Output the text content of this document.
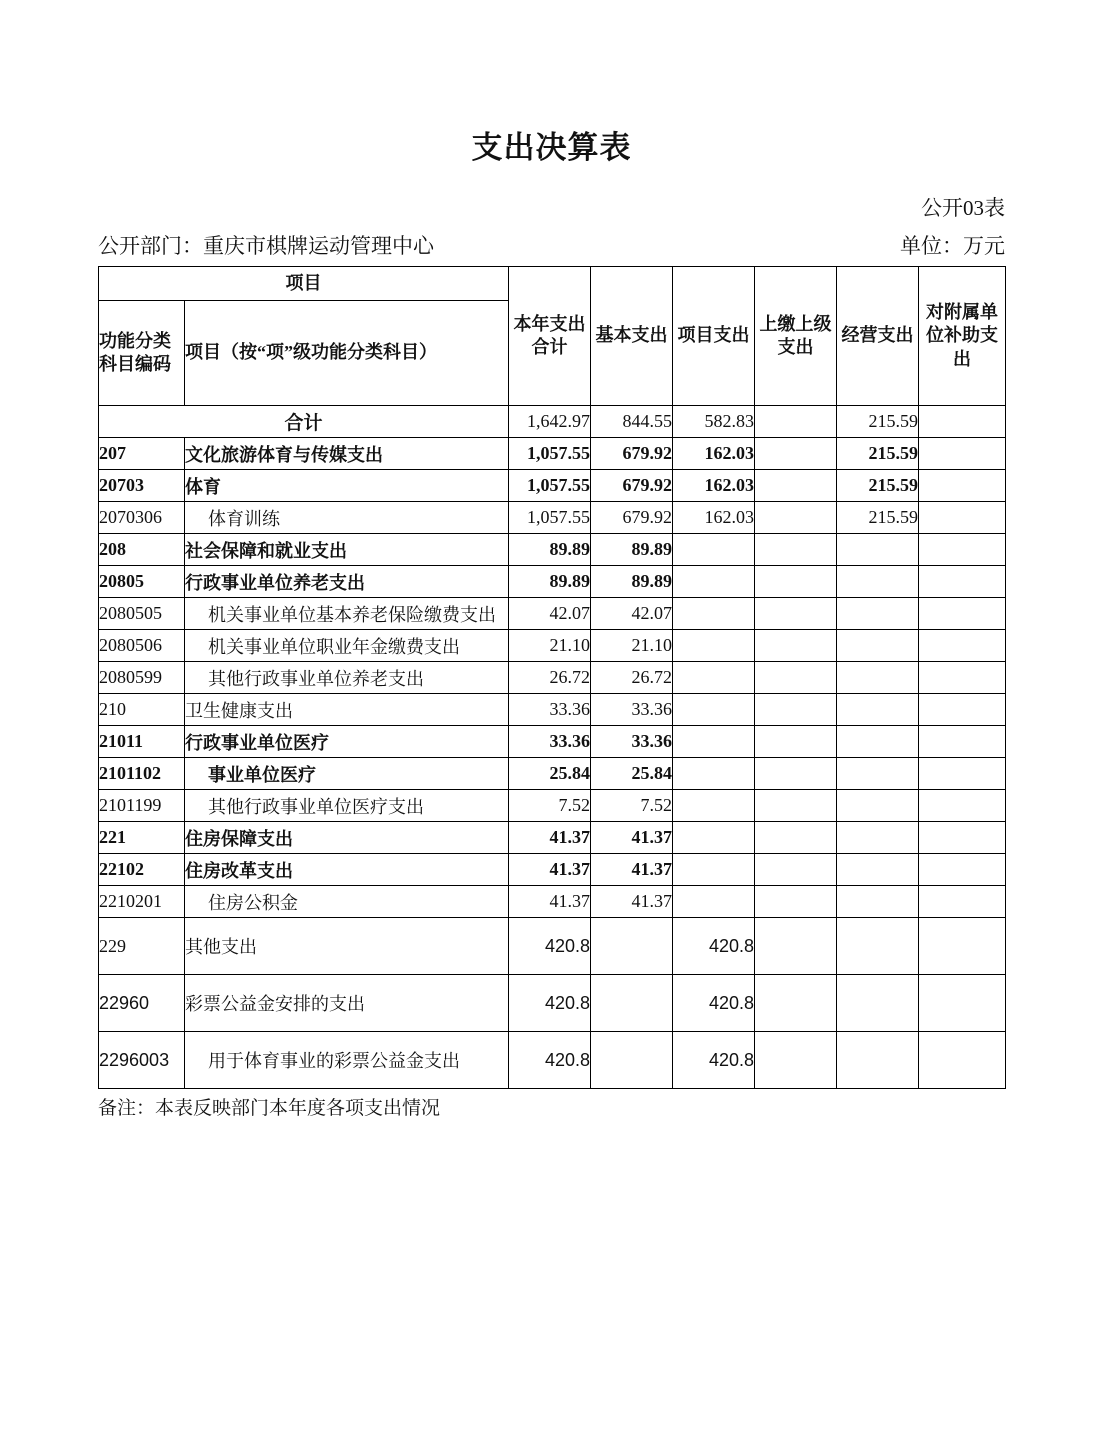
支出决算表
公开03表
公开部门：重庆市棋牌运动管理中心	单位：万元
项目		本年支出合计	基本支出	项目支出	上缴上级支出	经营支出	对附属单位补助支出
功能分类科目编码	项目（按“项”级功能分类科目）						
合计		1,642.97	844.55	582.83		215.59	
207	文化旅游体育与传媒支出	1,057.55	679.92	162.03		215.59	
20703	体育	1,057.55	679.92	162.03		215.59	
2070306	体育训练	1,057.55	679.92	162.03		215.59	
208	社会保障和就业支出	89.89	89.89				
20805	行政事业单位养老支出	89.89	89.89				
2080505	机关事业单位基本养老保险缴费支出	42.07	42.07				
2080506	机关事业单位职业年金缴费支出	21.10	21.10				
2080599	其他行政事业单位养老支出	26.72	26.72				
210	卫生健康支出	33.36	33.36				
21011	行政事业单位医疗	33.36	33.36				
2101102	事业单位医疗	25.84	25.84				
2101199	其他行政事业单位医疗支出	7.52	7.52				
221	住房保障支出	41.37	41.37				
22102	住房改革支出	41.37	41.37				
2210201	住房公积金	41.37	41.37				
229	其他支出	420.8		420.8			
22960	彩票公益金安排的支出	420.8		420.8			
2296003	用于体育事业的彩票公益金支出	420.8		420.8			
备注：本表反映部门本年度各项支出情况
